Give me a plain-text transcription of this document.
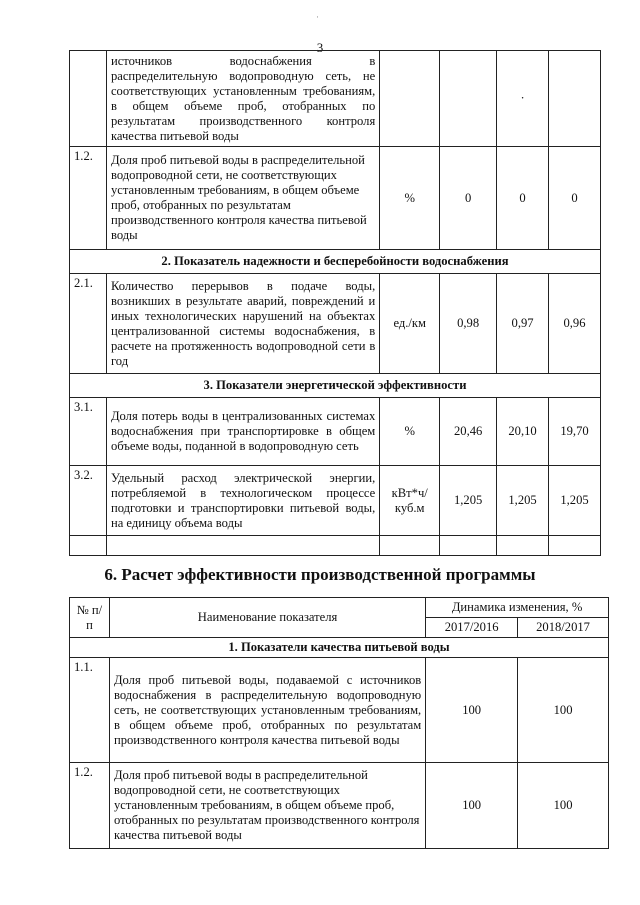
·
3
	источников водоснабжения в распределительную водопроводную сеть, не соответствующих установленным требованиям, в общем объеме проб, отобранных по результатам производственного контроля качества питьевой воды			·	
1.2.	Доля проб питьевой воды в распределительной водопроводной сети, не соответствующих установленным требованиям, в общем объеме проб, отобранных по результатам производственного контроля качества питьевой воды	%	0	0	0
2. Показатель надежности и бесперебойности водоснабжения					
2.1.	Количество перерывов в подаче воды, возникших в результате аварий, повреждений и иных технологических нарушений на объектах централизованной системы водоснабжения, в расчете на протяженность водопроводной сети в год	ед./км	0,98	0,97	0,96
3. Показатели энергетической эффективности					
3.1.	Доля потерь воды в централизованных системах водоснабжения при транспортировке в общем объеме воды, поданной в водопроводную сеть	%	20,46	20,10	19,70
3.2.	Удельный расход электрической энергии, потребляемой в технологическом процессе подготовки и транспортировки питьевой воды, на единицу объема воды	кВт*ч/куб.м	1,205	1,205	1,205

6. Расчет эффективности производственной программы
№ п/п	Наименование показателя	Динамика изменения, %	
		2017/2016	2018/2017
1. Показатели качества питьевой воды			
1.1.	Доля проб питьевой воды, подаваемой с источников водоснабжения в распределительную водопроводную сеть, не соответствующих установленным требованиям, в общем объеме проб, отобранных по результатам производственного контроля качества питьевой воды	100	100
1.2.	Доля проб питьевой воды в распределительной водопроводной сети, не соответствующих установленным требованиям, в общем объеме проб, отобранных по результатам производственного контроля качества питьевой воды	100	100
